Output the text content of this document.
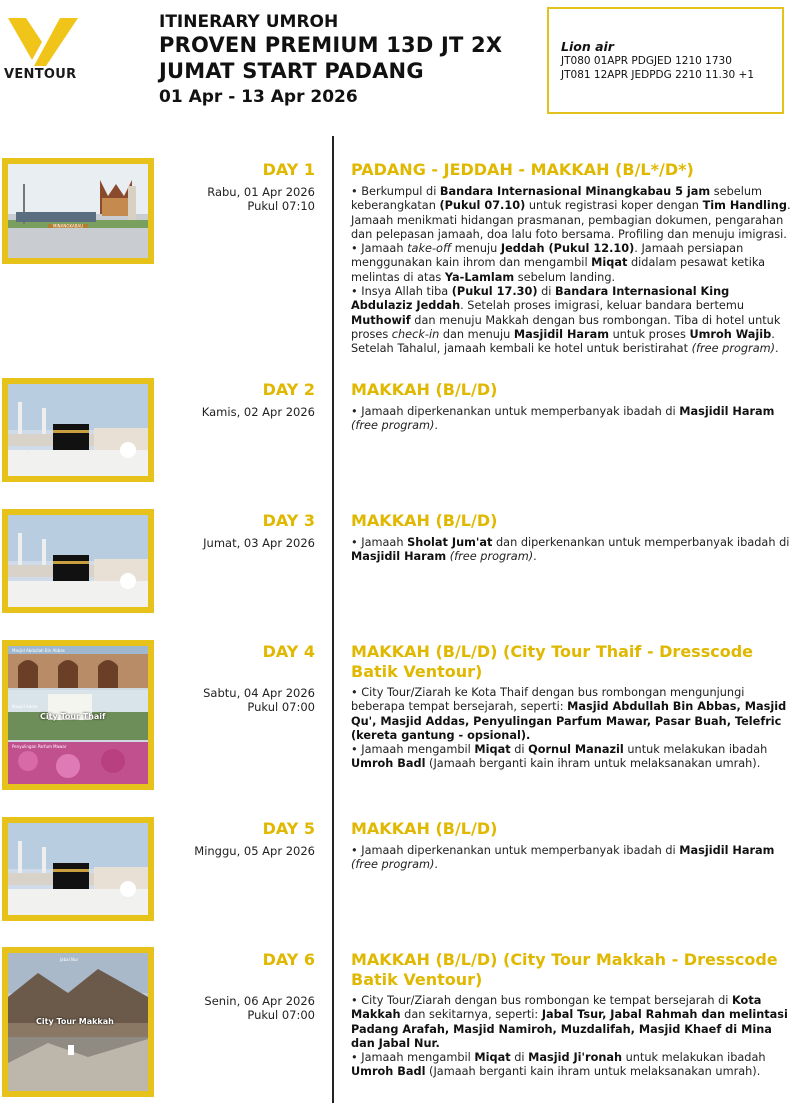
VENTOUR
ITINERARY UMROH
PROVEN PREMIUM 13D JT 2X
JUMAT START PADANG
01 Apr - 13 Apr 2026
Lion air
JT080 01APR PDGJED 1210 1730
JT081 12APR JEDPDG 2210 11.30 +1
MINANGKABAU
DAY 1
Rabu, 01 Apr 2026
Pukul 07:10
PADANG - JEDDAH - MAKKAH (B/L*/D*)

• Berkumpul di Bandara Internasional Minangkabau 5 jam sebelum keberangkatan (Pukul 07.10) untuk registrasi koper dengan Tim Handling. Jamaah menikmati hidangan prasmanan, pembagian dokumen, pengarahan dan pelepasan jamaah, doa lalu foto bersama. Profiling dan menuju imigrasi.

• Jamaah take-off menuju Jeddah (Pukul 12.10). Jamaah persiapan menggunakan kain ihrom dan mengambil Miqat didalam pesawat ketika melintas di atas Ya-Lamlam sebelum landing.

• Insya Allah tiba (Pukul 17.30) di Bandara Internasional King Abdulaziz Jeddah. Setelah proses imigrasi, keluar bandara bertemu Muthowif dan menuju Makkah dengan bus rombongan. Tiba di hotel untuk proses check-in dan menuju Masjidil Haram untuk proses Umroh Wajib. Setelah Tahalul, jamaah kembali ke hotel untuk beristirahat (free program).

DAY 2
Kamis, 02 Apr 2026
MAKKAH (B/L/D)

• Jamaah diperkenankan untuk memperbanyak ibadah di Masjidil Haram (free program).

DAY 3
Jumat, 03 Apr 2026
MAKKAH (B/L/D)

• Jamaah Sholat Jum'at dan diperkenankan untuk memperbanyak ibadah di Masjidil Haram (free program).

Masjid Abdullah Bin Abbas
Masjid Addas
Penyulingan Parfum Mawar
City Tour Thaif
DAY 4
Sabtu, 04 Apr 2026
Pukul 07:00
MAKKAH (B/L/D) (City Tour Thaif - Dresscode Batik Ventour)

• City Tour/Ziarah ke Kota Thaif dengan bus rombongan mengunjungi beberapa tempat bersejarah, seperti: Masjid Abdullah Bin Abbas, Masjid Qu', Masjid Addas, Penyulingan Parfum Mawar, Pasar Buah, Telefric (kereta gantung - opsional).

• Jamaah mengambil Miqat di Qornul Manazil untuk melakukan ibadah Umroh Badl (Jamaah berganti kain ihram untuk melaksanakan umrah).

DAY 5
Minggu, 05 Apr 2026
MAKKAH (B/L/D)

• Jamaah diperkenankan untuk memperbanyak ibadah di Masjidil Haram (free program).

Jabal Nur
City Tour Makkah
DAY 6
Senin, 06 Apr 2026
Pukul 07:00
MAKKAH (B/L/D) (City Tour Makkah - Dresscode Batik Ventour)

• City Tour/Ziarah dengan bus rombongan ke tempat bersejarah di Kota Makkah dan sekitarnya, seperti: Jabal Tsur, Jabal Rahmah dan melintasi Padang Arafah, Masjid Namiroh, Muzdalifah, Masjid Khaef di Mina dan Jabal Nur.

• Jamaah mengambil Miqat di Masjid Ji'ronah untuk melakukan ibadah Umroh Badl (Jamaah berganti kain ihram untuk melaksanakan umrah).
